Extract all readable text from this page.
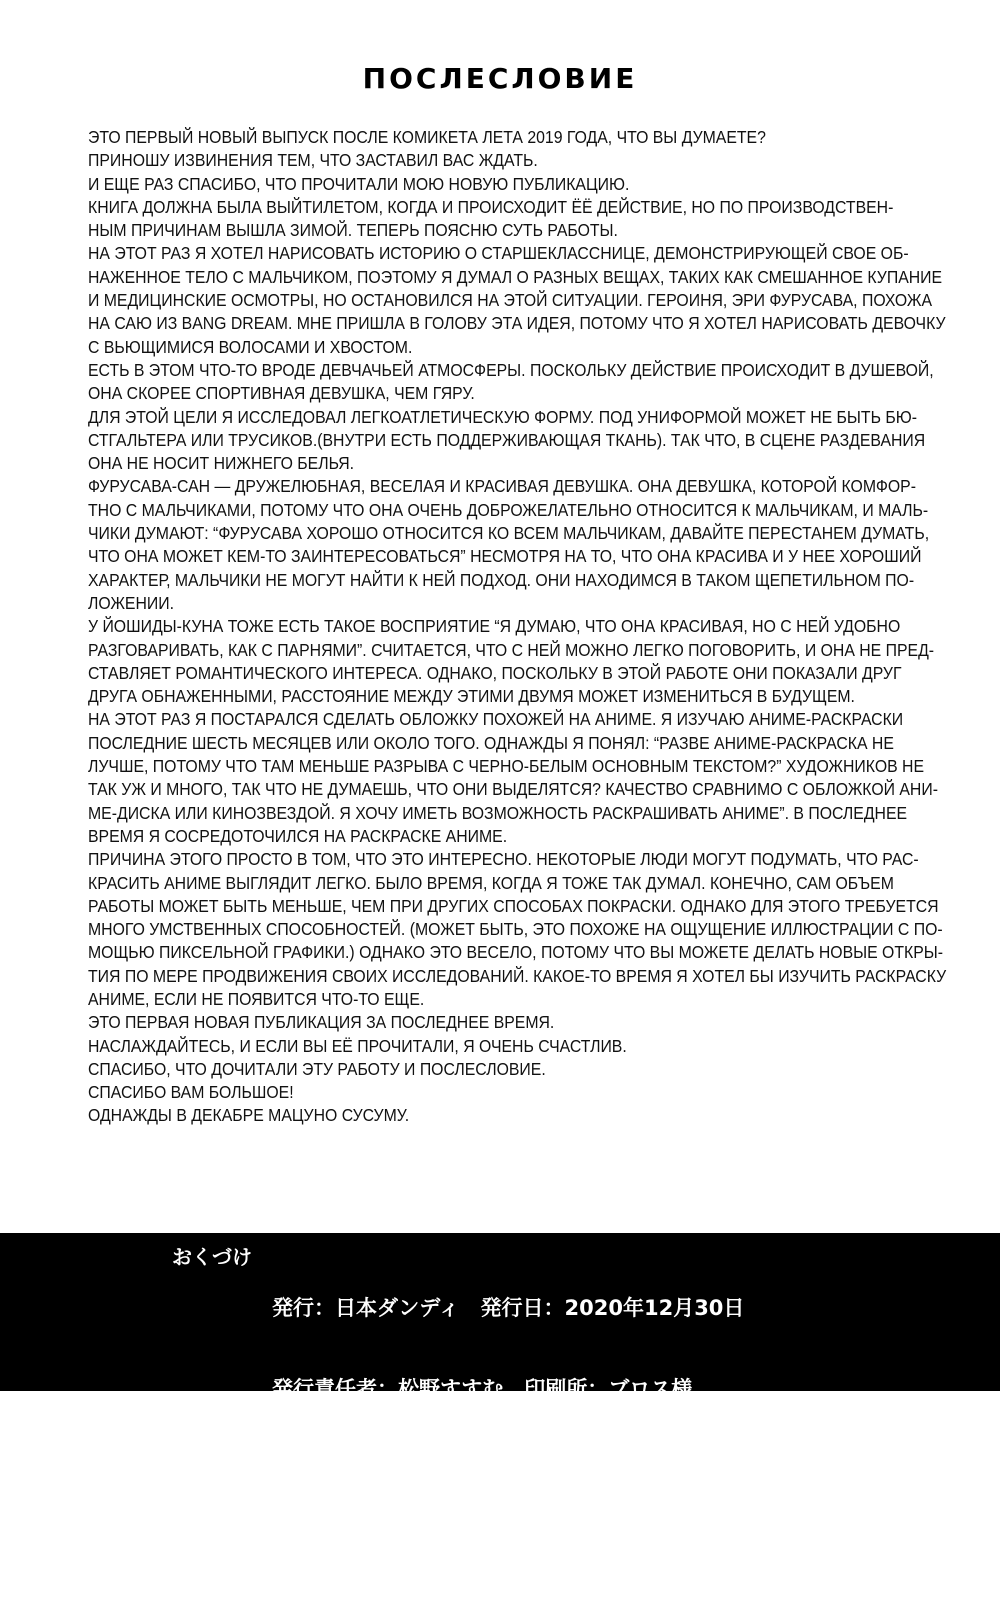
ПОСЛЕСЛОВИЕ
ЭТО ПЕРВЫЙ НОВЫЙ ВЫПУСК ПОСЛЕ КОМИКЕТА ЛЕТА 2019 ГОДА, ЧТО ВЫ ДУМАЕТЕ?
ПРИНОШУ ИЗВИНЕНИЯ ТЕМ, ЧТО ЗАСТАВИЛ ВАС ЖДАТЬ.
И ЕЩЕ РАЗ СПАСИБО, ЧТО ПРОЧИТАЛИ МОЮ НОВУЮ ПУБЛИКАЦИЮ.
КНИГА ДОЛЖНА БЫЛА ВЫЙТИЛЕТОМ, КОГДА И ПРОИСХОДИТ ЁЁ ДЕЙСТВИЕ, НО ПО ПРОИЗВОДСТВЕН-
НЫМ ПРИЧИНАМ ВЫШЛА ЗИМОЙ. ТЕПЕРЬ ПОЯСНЮ СУТЬ РАБОТЫ.
НА ЭТОТ РАЗ Я ХОТЕЛ НАРИСОВАТЬ ИСТОРИЮ О СТАРШЕКЛАССНИЦЕ, ДЕМОНСТРИРУЮЩЕЙ СВОЕ ОБ-
НАЖЕННОЕ ТЕЛО С МАЛЬЧИКОМ, ПОЭТОМУ Я ДУМАЛ О РАЗНЫХ ВЕЩАХ, ТАКИХ КАК СМЕШАННОЕ КУПАНИЕ
И МЕДИЦИНСКИЕ ОСМОТРЫ, НО ОСТАНОВИЛСЯ НА ЭТОЙ СИТУАЦИИ. ГЕРОИНЯ, ЭРИ ФУРУСАВА, ПОХОЖА
НА САЮ ИЗ BANG DREAM. МНЕ ПРИШЛА В ГОЛОВУ ЭТА ИДЕЯ, ПОТОМУ ЧТО Я ХОТЕЛ НАРИСОВАТЬ ДЕВОЧКУ
С ВЬЮЩИМИСЯ ВОЛОСАМИ И ХВОСТОМ.
ЕСТЬ В ЭТОМ ЧТО-ТО ВРОДЕ ДЕВЧАЧЬЕЙ АТМОСФЕРЫ. ПОСКОЛЬКУ ДЕЙСТВИЕ ПРОИСХОДИТ В ДУШЕВОЙ,
ОНА СКОРЕЕ СПОРТИВНАЯ ДЕВУШКА, ЧЕМ ГЯРУ.
ДЛЯ ЭТОЙ ЦЕЛИ Я ИССЛЕДОВАЛ ЛЕГКОАТЛЕТИЧЕСКУЮ ФОРМУ. ПОД УНИФОРМОЙ МОЖЕТ НЕ БЫТЬ БЮ-
СТГАЛЬТЕРА ИЛИ ТРУСИКОВ.(ВНУТРИ ЕСТЬ ПОДДЕРЖИВАЮЩАЯ ТКАНЬ). ТАК ЧТО, В СЦЕНЕ РАЗДЕВАНИЯ
ОНА НЕ НОСИТ НИЖНЕГО БЕЛЬЯ.
ФУРУСАВА-САН — ДРУЖЕЛЮБНАЯ, ВЕСЕЛАЯ И КРАСИВАЯ ДЕВУШКА. ОНА ДЕВУШКА, КОТОРОЙ КОМФОР-
ТНО С МАЛЬЧИКАМИ, ПОТОМУ ЧТО ОНА ОЧЕНЬ ДОБРОЖЕЛАТЕЛЬНО ОТНОСИТСЯ К МАЛЬЧИКАМ, И МАЛЬ-
ЧИКИ ДУМАЮТ: “ФУРУСАВА ХОРОШО ОТНОСИТСЯ КО ВСЕМ МАЛЬЧИКАМ, ДАВАЙТЕ ПЕРЕСТАНЕМ ДУМАТЬ,
ЧТО ОНА МОЖЕТ КЕМ-ТО ЗАИНТЕРЕСОВАТЬСЯ” НЕСМОТРЯ НА ТО, ЧТО ОНА КРАСИВА И У НЕЕ ХОРОШИЙ
ХАРАКТЕР, МАЛЬЧИКИ НЕ МОГУТ НАЙТИ К НЕЙ ПОДХОД. ОНИ НАХОДИМСЯ В ТАКОМ ЩЕПЕТИЛЬНОМ ПО-
ЛОЖЕНИИ.
У ЙОШИДЫ-КУНА ТОЖЕ ЕСТЬ ТАКОЕ ВОСПРИЯТИЕ “Я ДУМАЮ, ЧТО ОНА КРАСИВАЯ, НО С НЕЙ УДОБНО
РАЗГОВАРИВАТЬ, КАК С ПАРНЯМИ”. СЧИТАЕТСЯ, ЧТО С НЕЙ МОЖНО ЛЕГКО ПОГОВОРИТЬ, И ОНА НЕ ПРЕД-
СТАВЛЯЕТ РОМАНТИЧЕСКОГО ИНТЕРЕСА. ОДНАКО, ПОСКОЛЬКУ В ЭТОЙ РАБОТЕ ОНИ ПОКАЗАЛИ ДРУГ
ДРУГА ОБНАЖЕННЫМИ, РАССТОЯНИЕ МЕЖДУ ЭТИМИ ДВУМЯ МОЖЕТ ИЗМЕНИТЬСЯ В БУДУЩЕМ.
НА ЭТОТ РАЗ Я ПОСТАРАЛСЯ СДЕЛАТЬ ОБЛОЖКУ ПОХОЖЕЙ НА АНИМЕ. Я ИЗУЧАЮ АНИМЕ-РАСКРАСКИ
ПОСЛЕДНИЕ ШЕСТЬ МЕСЯЦЕВ ИЛИ ОКОЛО ТОГО. ОДНАЖДЫ Я ПОНЯЛ: “РАЗВЕ АНИМЕ-РАСКРАСКА НЕ
ЛУЧШЕ, ПОТОМУ ЧТО ТАМ МЕНЬШЕ РАЗРЫВА С ЧЕРНО-БЕЛЫМ ОСНОВНЫМ ТЕКСТОМ?” ХУДОЖНИКОВ НЕ
ТАК УЖ И МНОГО, ТАК ЧТО НЕ ДУМАЕШЬ, ЧТО ОНИ ВЫДЕЛЯТСЯ? КАЧЕСТВО СРАВНИМО С ОБЛОЖКОЙ АНИ-
МЕ-ДИСКА ИЛИ КИНОЗВЕЗДОЙ. Я ХОЧУ ИМЕТЬ ВОЗМОЖНОСТЬ РАСКРАШИВАТЬ АНИМЕ”. В ПОСЛЕДНЕЕ
ВРЕМЯ Я СОСРЕДОТОЧИЛСЯ НА РАСКРАСКЕ АНИМЕ.
ПРИЧИНА ЭТОГО ПРОСТО В ТОМ, ЧТО ЭТО ИНТЕРЕСНО. НЕКОТОРЫЕ ЛЮДИ МОГУТ ПОДУМАТЬ, ЧТО РАС-
КРАСИТЬ АНИМЕ ВЫГЛЯДИТ ЛЕГКО. БЫЛО ВРЕМЯ, КОГДА Я ТОЖЕ ТАК ДУМАЛ. КОНЕЧНО, САМ ОБЪЕМ
РАБОТЫ МОЖЕТ БЫТЬ МЕНЬШЕ, ЧЕМ ПРИ ДРУГИХ СПОСОБАХ ПОКРАСКИ. ОДНАКО ДЛЯ ЭТОГО ТРЕБУЕТСЯ
МНОГО УМСТВЕННЫХ СПОСОБНОСТЕЙ. (МОЖЕТ БЫТЬ, ЭТО ПОХОЖЕ НА ОЩУЩЕНИЕ ИЛЛЮСТРАЦИИ С ПО-
МОЩЬЮ ПИКСЕЛЬНОЙ ГРАФИКИ.) ОДНАКО ЭТО ВЕСЕЛО, ПОТОМУ ЧТО ВЫ МОЖЕТЕ ДЕЛАТЬ НОВЫЕ ОТКРЫ-
ТИЯ ПО МЕРЕ ПРОДВИЖЕНИЯ СВОИХ ИССЛЕДОВАНИЙ. КАКОЕ-ТО ВРЕМЯ Я ХОТЕЛ БЫ ИЗУЧИТЬ РАСКРАСКУ
АНИМЕ, ЕСЛИ НЕ ПОЯВИТСЯ ЧТО-ТО ЕЩЕ.
ЭТО ПЕРВАЯ НОВАЯ ПУБЛИКАЦИЯ ЗА ПОСЛЕДНЕЕ ВРЕМЯ.
НАСЛАЖДАЙТЕСЬ, И ЕСЛИ ВЫ ЕЁ ПРОЧИТАЛИ, Я ОЧЕНЬ СЧАСТЛИВ.
СПАСИБО, ЧТО ДОЧИТАЛИ ЭТУ РАБОТУ И ПОСЛЕСЛОВИЕ.
СПАСИБО ВАМ БОЛЬШОЕ!
ОДНАЖДЫ В ДЕКАБРЕ МАЦУНО СУСУМУ.
おくづけ

発行：日本ダンディ　発行日：2020年12月30日

発行責任者：松野すすむ　印刷所：ブロス様

連絡先　postmaster@nihondandy.sakura.ne.jp

サイト「日本ダンディ」　http://nihondandy.sakura.ne.jp/
